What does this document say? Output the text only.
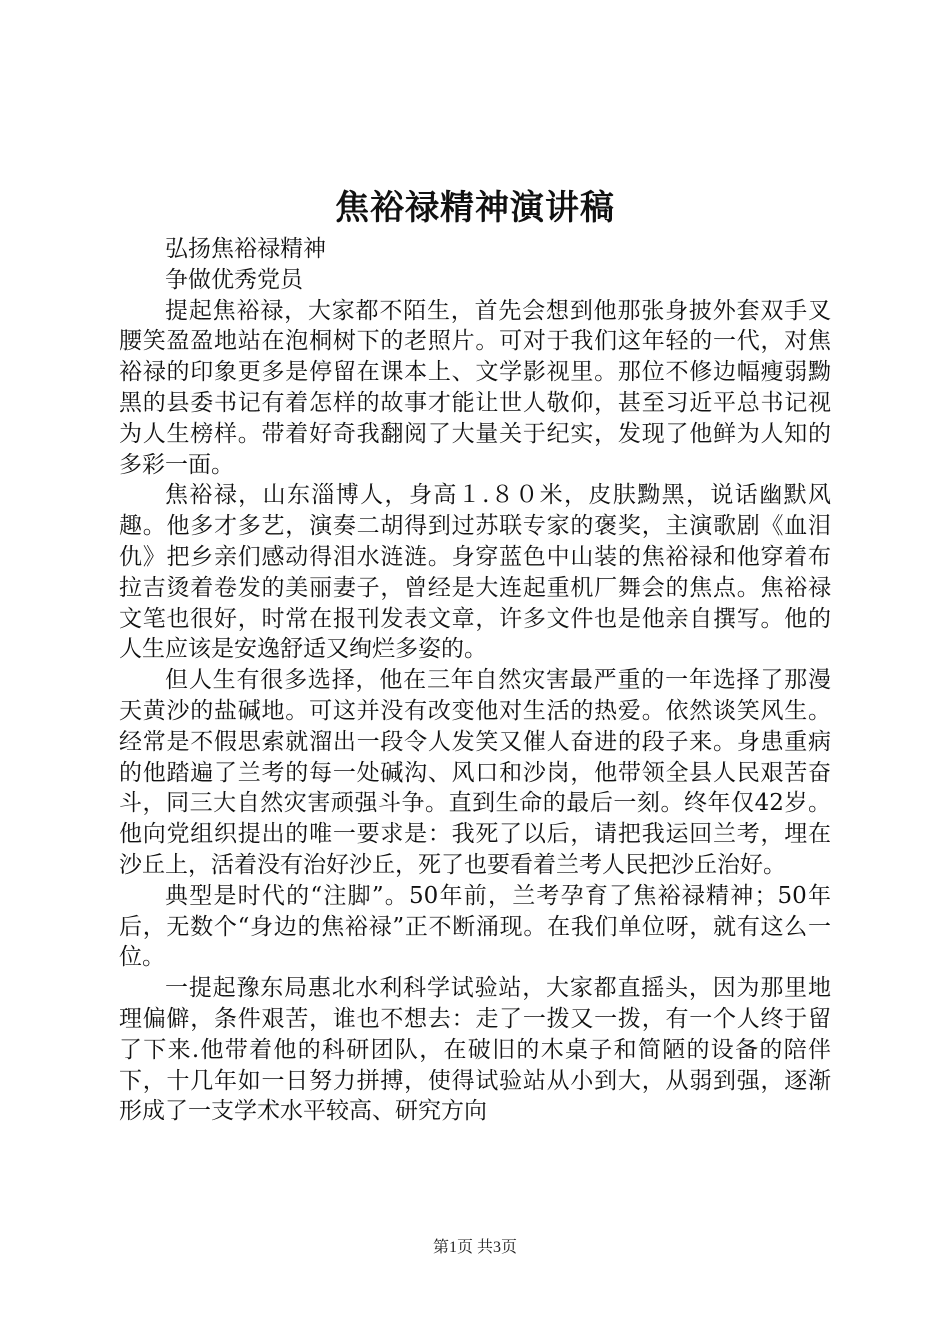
焦裕禄精神演讲稿

弘扬焦裕禄精神

争做优秀党员

提起焦裕禄，大家都不陌生，首先会想到他那张身披外套双手叉腰笑盈盈地站在泡桐树下的老照片。可对于我们这年轻的一代，对焦裕禄的印象更多是停留在课本上、文学影视里。那位不修边幅瘦弱黝黑的县委书记有着怎样的故事才能让世人敬仰，甚至习近平总书记视为人生榜样。带着好奇我翻阅了大量关于纪实，发现了他鲜为人知的多彩一面。

焦裕禄，山东淄博人，身高１.８０米，皮肤黝黑，说话幽默风趣。他多才多艺，演奏二胡得到过苏联专家的褒奖，主演歌剧《血泪仇》把乡亲们感动得泪水涟涟。身穿蓝色中山装的焦裕禄和他穿着布拉吉烫着卷发的美丽妻子，曾经是大连起重机厂舞会的焦点。焦裕禄文笔也很好，时常在报刊发表文章，许多文件也是他亲自撰写。他的人生应该是安逸舒适又绚烂多姿的。

但人生有很多选择，他在三年自然灾害最严重的一年选择了那漫天黄沙的盐碱地。可这并没有改变他对生活的热爱。依然谈笑风生。经常是不假思索就溜出一段令人发笑又催人奋进的段子来。身患重病的他踏遍了兰考的每一处碱沟、风口和沙岗，他带领全县人民艰苦奋斗，同三大自然灾害顽强斗争。直到生命的最后一刻。终年仅42岁。他向党组织提出的唯一要求是：我死了以后，请把我运回兰考，埋在沙丘上，活着没有治好沙丘，死了也要看着兰考人民把沙丘治好。

典型是时代的“注脚”。50年前，兰考孕育了焦裕禄精神；50年后，无数个“身边的焦裕禄”正不断涌现。在我们单位呀，就有这么一位。

一提起豫东局惠北水利科学试验站，大家都直摇头，因为那里地理偏僻，条件艰苦，谁也不想去：走了一拨又一拨，有一个人终于留了下来.他带着他的科研团队，在破旧的木桌子和简陋的设备的陪伴下，十几年如一日努力拼搏，使得试验站从小到大，从弱到强，逐渐形成了一支学术水平较高、研究方向

第1页 共3页
